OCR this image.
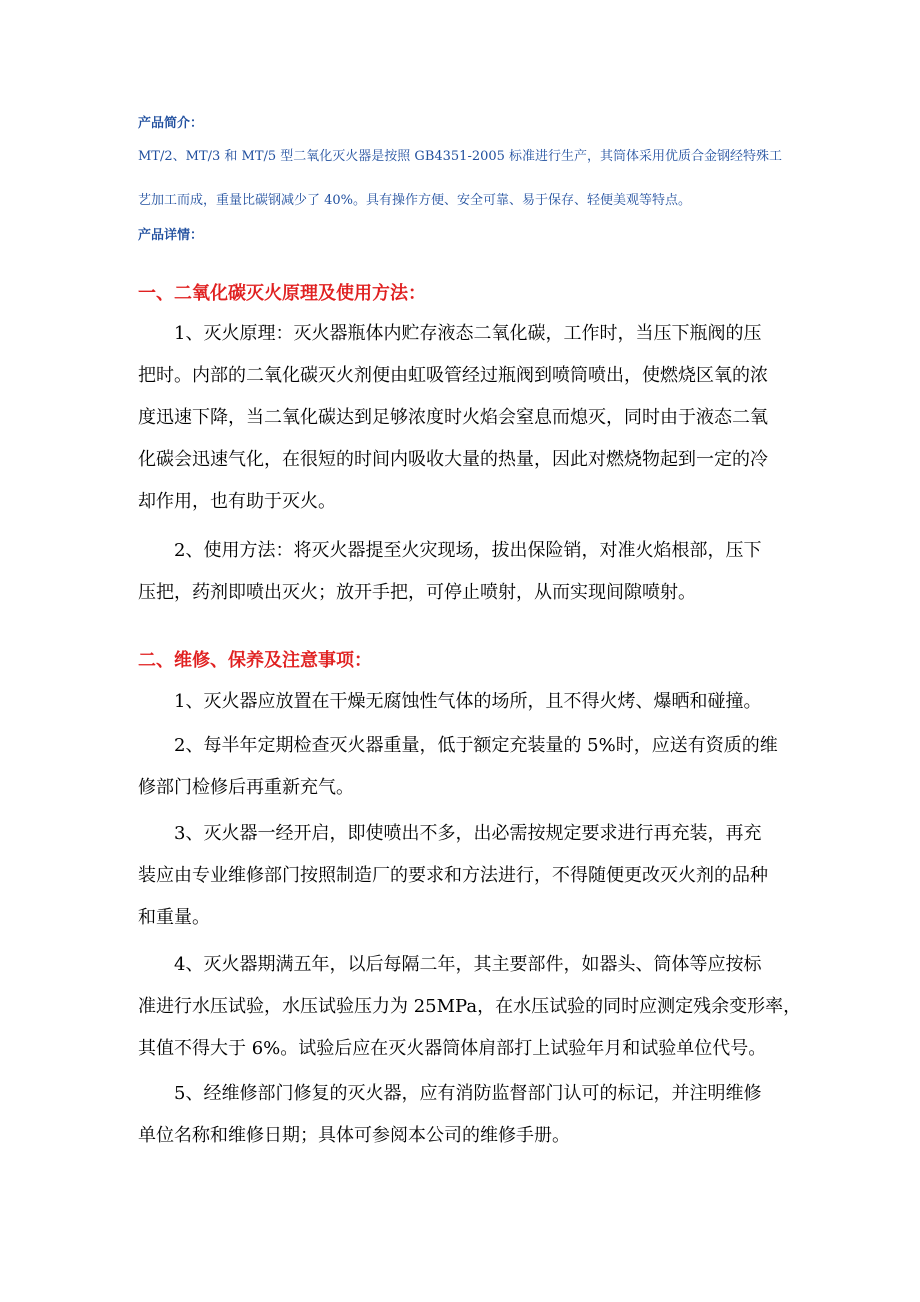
产品简介：
MT/2、MT/3 和 MT/5 型二氧化灭火器是按照 GB4351-2005 标准进行生产，其筒体采用优质合金钢经特殊工
艺加工而成，重量比碳钢减少了 40%。具有操作方便、安全可靠、易于保存、轻便美观等特点。
产品详情：
一、二氧化碳灭火原理及使用方法：
1、灭火原理：灭火器瓶体内贮存液态二氧化碳，工作时，当压下瓶阀的压
把时。内部的二氧化碳灭火剂便由虹吸管经过瓶阀到喷筒喷出，使燃烧区氧的浓
度迅速下降，当二氧化碳达到足够浓度时火焰会窒息而熄灭，同时由于液态二氧
化碳会迅速气化，在很短的时间内吸收大量的热量，因此对燃烧物起到一定的冷
却作用，也有助于灭火。
2、使用方法：将灭火器提至火灾现场，拔出保险销，对准火焰根部，压下
压把，药剂即喷出灭火；放开手把，可停止喷射，从而实现间隙喷射。
二、维修、保养及注意事项：
1、灭火器应放置在干燥无腐蚀性气体的场所，且不得火烤、爆晒和碰撞。
2、每半年定期检查灭火器重量，低于额定充装量的 5%时，应送有资质的维
修部门检修后再重新充气。
3、灭火器一经开启，即使喷出不多，出必需按规定要求进行再充装，再充
装应由专业维修部门按照制造厂的要求和方法进行，不得随便更改灭火剂的品种
和重量。
4、灭火器期满五年，以后每隔二年，其主要部件，如器头、筒体等应按标
准进行水压试验，水压试验压力为 25MPa，在水压试验的同时应测定残余变形率，
其值不得大于 6%。试验后应在灭火器筒体肩部打上试验年月和试验单位代号。
5、经维修部门修复的灭火器，应有消防监督部门认可的标记，并注明维修
单位名称和维修日期；具体可参阅本公司的维修手册。
